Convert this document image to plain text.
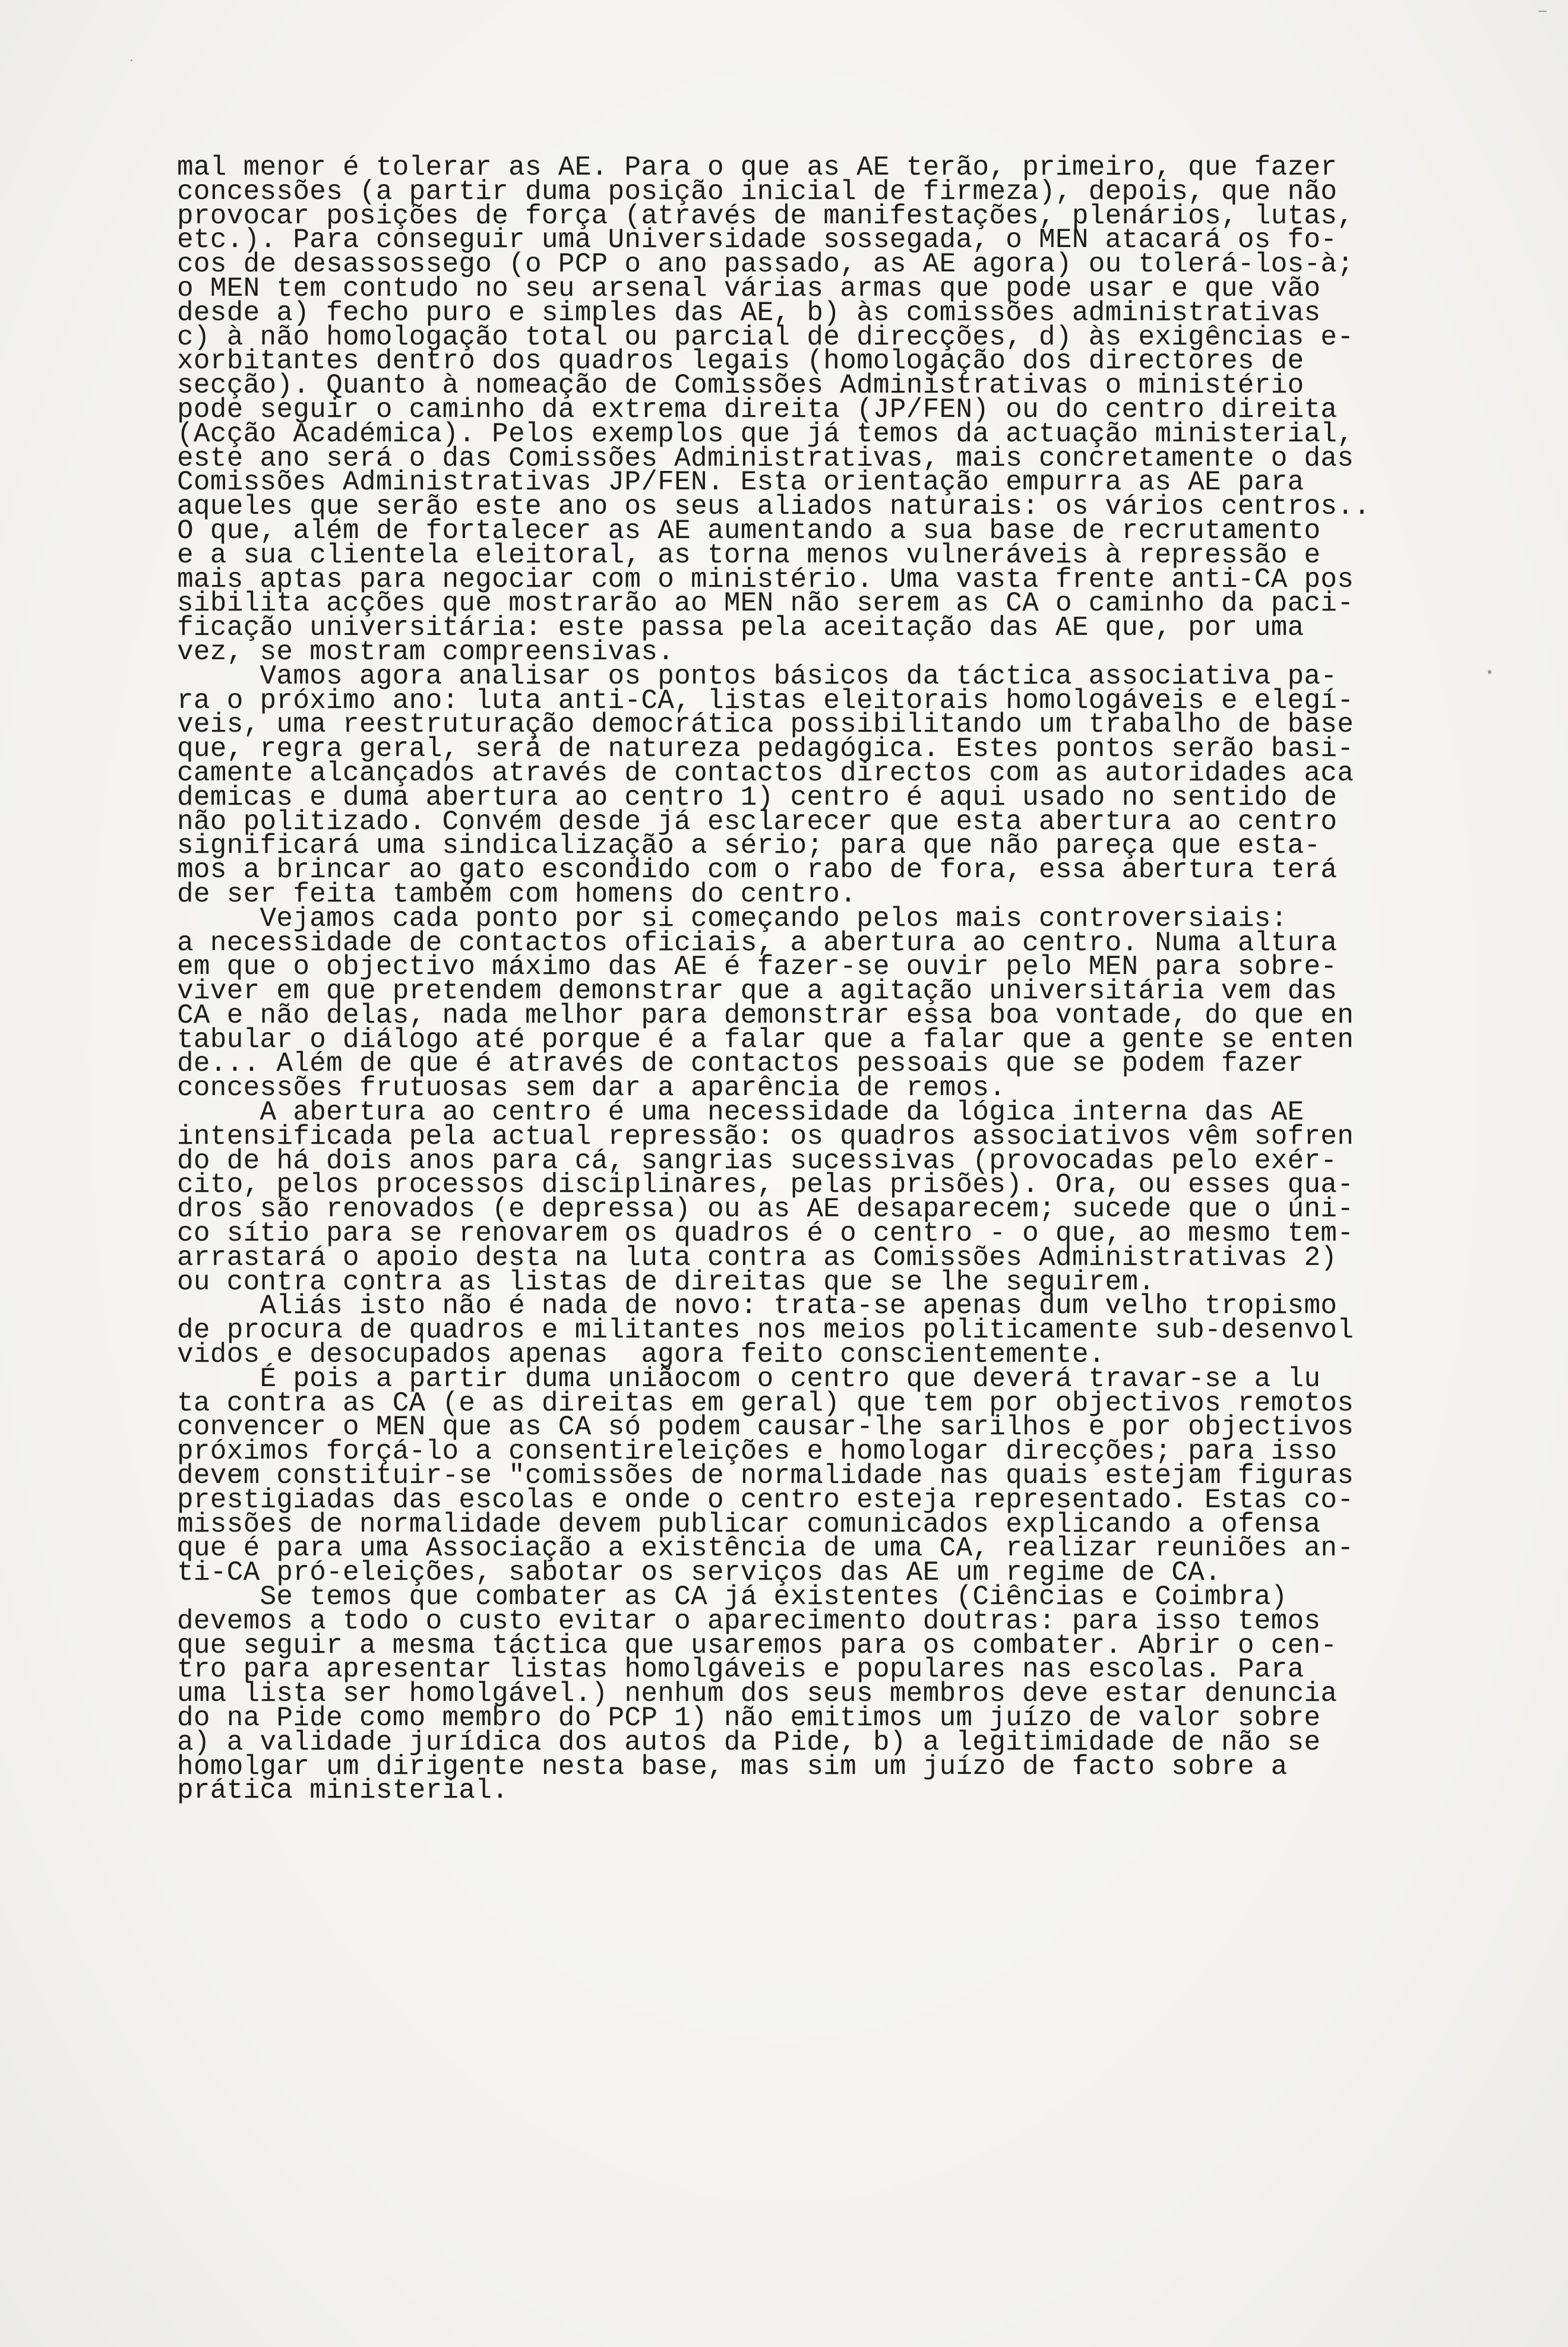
mal menor é tolerar as AE. Para o que as AE terão, primeiro, que fazer
concessões (a partir duma posição inicial de firmeza), depois, que não
provocar posições de força (através de manifestações, plenários, lutas,
etc.). Para conseguir uma Universidade sossegada, o MEN atacará os fo-
cos de desassossego (o PCP o ano passado, as AE agora) ou tolerá-los-à;
o MEN tem contudo no seu arsenal várias armas que pode usar e que vão
desde a) fecho puro e simples das AE, b) às comissões administrativas
c) à não homologação total ou parcial de direcções, d) às exigências e-
xorbitantes dentro dos quadros legais (homologação dos directores de
secção). Quanto à nomeação de Comissões Administrativas o ministério
pode seguir o caminho da extrema direita (JP/FEN) ou do centro direita
(Acção Académica). Pelos exemplos que já temos da actuação ministerial,
este ano será o das Comissões Administrativas, mais concretamente o das
Comissões Administrativas JP/FEN. Esta orientação empurra as AE para
aqueles que serão este ano os seus aliados naturais: os vários centros..
O que, além de fortalecer as AE aumentando a sua base de recrutamento
e a sua clientela eleitoral, as torna menos vulneráveis à repressão e
mais aptas para negociar com o ministério. Uma vasta frente anti-CA pos
sibilita acções que mostrarão ao MEN não serem as CA o caminho da paci-
ficação universitária: este passa pela aceitação das AE que, por uma
vez, se mostram compreensivas.
Vamos agora analisar os pontos básicos da táctica associativa pa-
ra o próximo ano: luta anti-CA, listas eleitorais homologáveis e elegí-
veis, uma reestruturação democrática possibilitando um trabalho de base
que, regra geral, será de natureza pedagógica. Estes pontos serão basi-
camente alcançados através de contactos directos com as autoridades aca
demicas e duma abertura ao centro 1) centro é aqui usado no sentido de
não politizado. Convém desde já esclarecer que esta abertura ao centro
significará uma sindicalização a sério; para que não pareça que esta-
mos a brincar ao gato escondido com o rabo de fora, essa abertura terá
de ser feita também com homens do centro.
Vejamos cada ponto por si começando pelos mais controversiais:
a necessidade de contactos oficiais, a abertura ao centro. Numa altura
em que o objectivo máximo das AE é fazer-se ouvir pelo MEN para sobre-
viver em que pretendem demonstrar que a agitação universitária vem das
CA e não delas, nada melhor para demonstrar essa boa vontade, do que en
tabular o diálogo até porque é a falar que a falar que a gente se enten
de... Além de que é através de contactos pessoais que se podem fazer
concessões frutuosas sem dar a aparência de remos.
A abertura ao centro é uma necessidade da lógica interna das AE
intensificada pela actual repressão: os quadros associativos vêm sofren
do de há dois anos para cá, sangrias sucessivas (provocadas pelo exér-
cito, pelos processos disciplinares, pelas prisões). Ora, ou esses qua-
dros são renovados (e depressa) ou as AE desaparecem; sucede que o úni-
co sítio para se renovarem os quadros é o centro - o que, ao mesmo tem-
arrastará o apoio desta na luta contra as Comissões Administrativas 2)
ou contra contra as listas de direitas que se lhe seguirem.
Aliás isto não é nada de novo: trata-se apenas dum velho tropismo
de procura de quadros e militantes nos meios politicamente sub-desenvol
vidos e desocupados apenas  agora feito conscientemente.
É pois a partir duma uniãocom o centro que deverá travar-se a lu
ta contra as CA (e as direitas em geral) que tem por objectivos remotos
convencer o MEN que as CA só podem causar-lhe sarilhos e por objectivos
próximos forçá-lo a consentireleições e homologar direcções; para isso
devem constituir-se "comissões de normalidade nas quais estejam figuras
prestigiadas das escolas e onde o centro esteja representado. Estas co-
missões de normalidade devem publicar comunicados explicando a ofensa
que é para uma Associação a existência de uma CA, realizar reuniões an-
ti-CA pró-eleições, sabotar os serviços das AE um regime de CA.
Se temos que combater as CA já existentes (Ciências e Coimbra)
devemos a todo o custo evitar o aparecimento doutras: para isso temos
que seguir a mesma táctica que usaremos para os combater. Abrir o cen-
tro para apresentar listas homolgáveis e populares nas escolas. Para
uma lista ser homolgável.) nenhum dos seus membros deve estar denuncia
do na Pide como membro do PCP 1) não emitimos um juízo de valor sobre
a) a validade jurídica dos autos da Pide, b) a legitimidade de não se
homolgar um dirigente nesta base, mas sim um juízo de facto sobre a
prática ministerial.
